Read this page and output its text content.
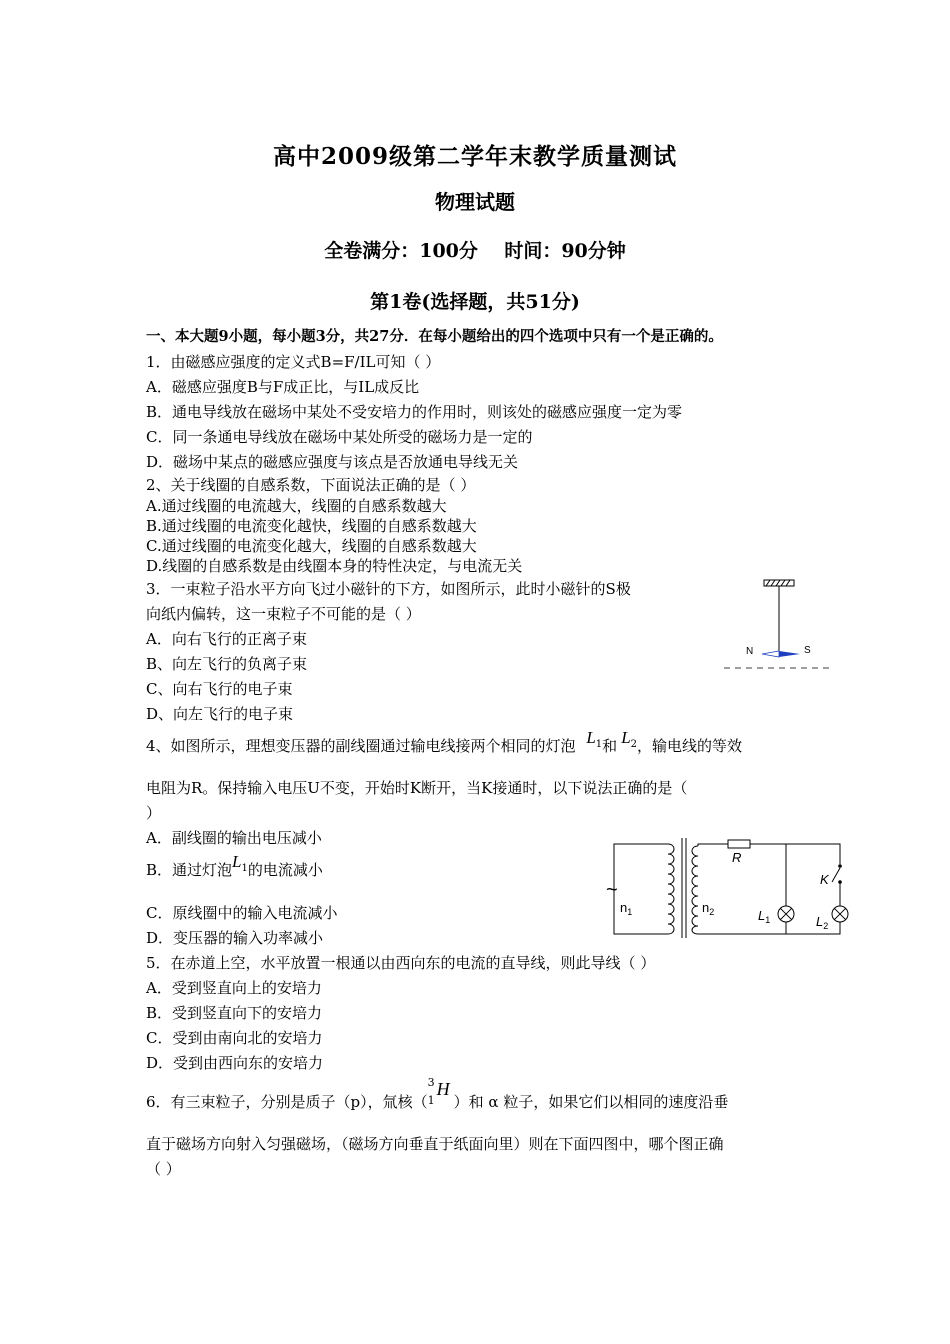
高中2009级第二学年末教学质量测试
物理试题
全卷满分：100分    时间：90分钟
第1卷(选择题，共51分)
一、本大题9小题，每小题3分，共27分．在每小题给出的四个选项中只有一个是正确的。
1．由磁感应强度的定义式B=F/IL可知（ ）
A．磁感应强度B与F成正比，与IL成反比
B．通电导线放在磁场中某处不受安培力的作用时，则该处的磁感应强度一定为零
C．同一条通电导线放在磁场中某处所受的磁场力是一定的
D．磁场中某点的磁感应强度与该点是否放通电导线无关
2、关于线圈的自感系数，下面说法正确的是（ ）
A.通过线圈的电流越大，线圈的自感系数越大
B.通过线圈的电流变化越快，线圈的自感系数越大
C.通过线圈的电流变化越大，线圈的自感系数越大
D.线圈的自感系数是由线圈本身的特性决定，与电流无关
3．一束粒子沿水平方向飞过小磁针的下方，如图所示，此时小磁针的S极
向纸内偏转，这一束粒子不可能的是（ ）
A．向右飞行的正离子束
B、向左飞行的负离子束
C、向右飞行的电子束
D、向左飞行的电子束
N	S
4、如图所示，理想变压器的副线圈通过输电线接两个相同的灯泡 $L_1$和 $L_2$，输电线的等效
电阻为R。保持输入电压U不变，开始时K断开，当K接通时，以下说法正确的是（
）
A．副线圈的输出电压减小
B．通过灯泡$L_1$的电流减小
C．原线圈中的输入电流减小
D．变压器的输入功率减小
~
$n_1$	$n_2$
R
K
$L_1$	$L_2$
5．在赤道上空，水平放置一根通以由西向东的电流的直导线，则此导线（ ）
A．受到竖直向上的安培力
B．受到竖直向下的安培力
C．受到由南向北的安培力
D．受到由西向东的安培力
6．有三束粒子，分别是质子（p），氚核（
3
1
H
）和 α 粒子，如果它们以相同的速度沿垂
直于磁场方向射入匀强磁场，（磁场方向垂直于纸面向里）则在下面四图中，哪个图正确
（ ）
